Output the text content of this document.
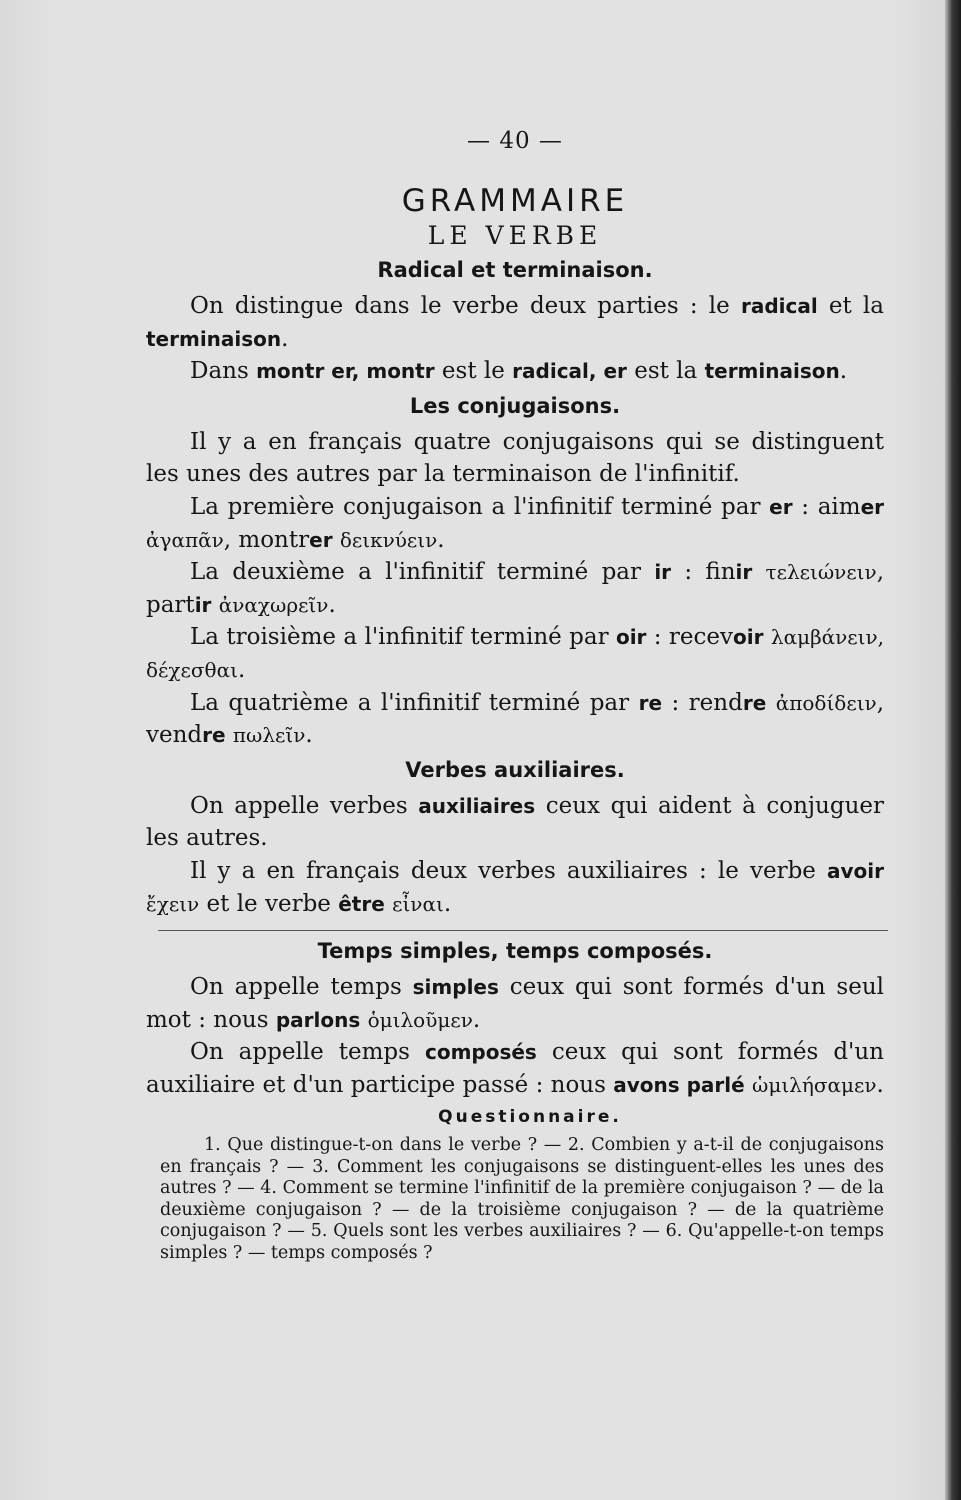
— 40 —
GRAMMAIRE
LE VERBE
Radical et terminaison.

On distingue dans le verbe deux parties : le radical et la terminaison.

Dans montr er, montr est le radical, er est la terminaison.

Les conjugaisons.

Il y a en français quatre conjugaisons qui se distinguent les unes des autres par la terminaison de l'infinitif.

La première conjugaison a l'infinitif terminé par er : aimer ἀγαπᾶν, montrer δεικνύειν.

La deuxième a l'infinitif terminé par ir : finir τελειώνειν, partir ἀναχωρεῖν.

La troisième a l'infinitif terminé par oir : recevoir λαμβάνειν, δέχεσθαι.

La quatrième a l'infinitif terminé par re : rendre ἀποδίδειν, vendre πωλεῖν.

Verbes auxiliaires.

On appelle verbes auxiliaires ceux qui aident à conjuguer les autres.

Il y a en français deux verbes auxiliaires : le verbe avoir ἔχειν et le verbe être εἶναι.

Temps simples, temps composés.

On appelle temps simples ceux qui sont formés d'un seul mot : nous parlons ὁμιλοῦμεν.

On appelle temps composés ceux qui sont formés d'un auxiliaire et d'un participe passé : nous avons parlé ὡμιλήσαμεν.

Questionnaire.
1. Que distingue-t-on dans le verbe ? — 2. Combien y a-t-il de conjugaisons en français ? — 3. Comment les conjugaisons se distinguent-elles les unes des autres ? — 4. Comment se termine l'infinitif de la première conjugaison ? — de la deuxième conjugaison ? — de la troisième conjugaison ? — de la quatrième conjugaison ? — 5. Quels sont les verbes auxiliaires ? — 6. Qu'appelle-t-on temps simples ? — temps composés ?
